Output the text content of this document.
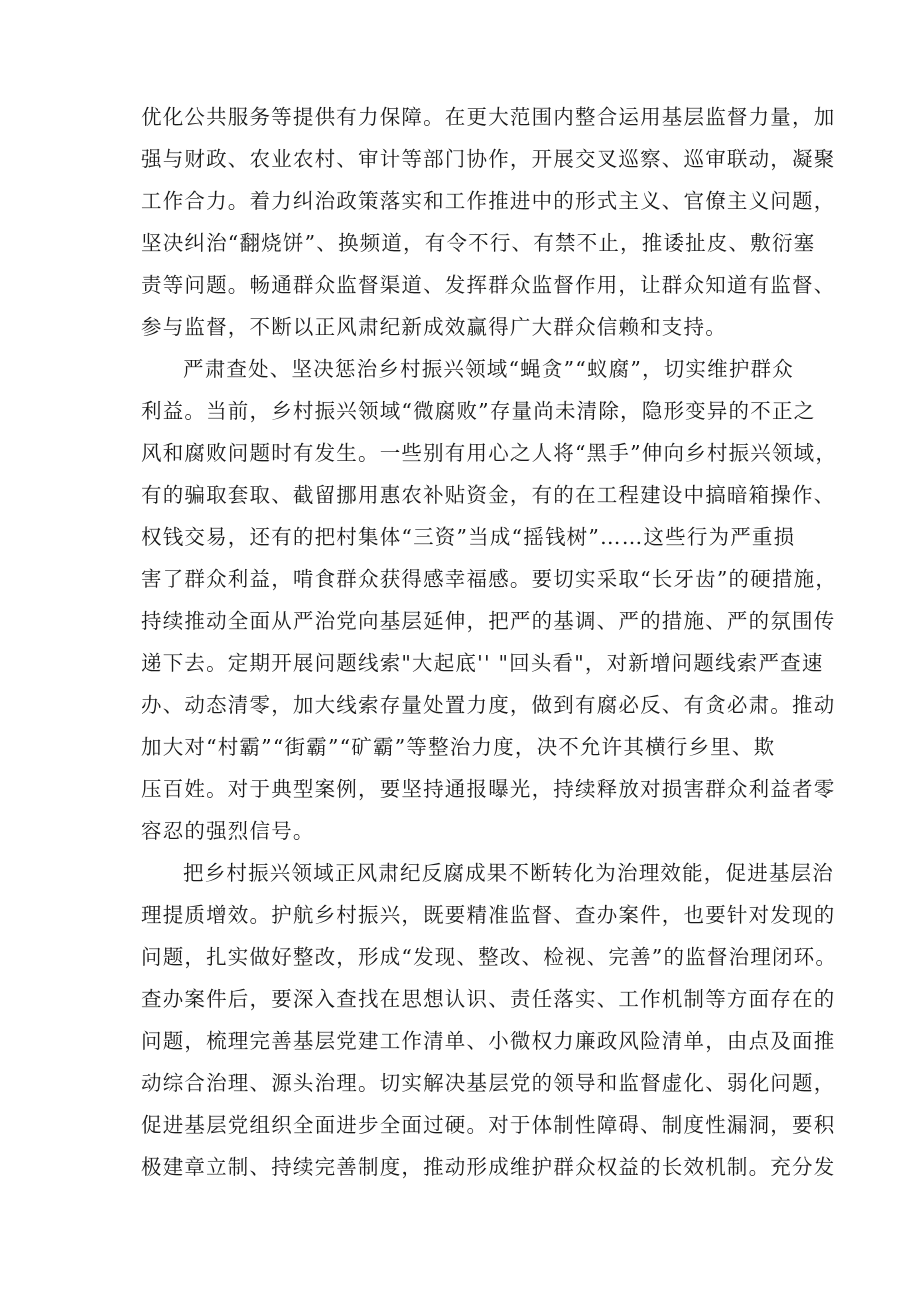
优化公共服务等提供有力保障。在更大范围内整合运用基层监督力量，加
强与财政、农业农村、审计等部门协作，开展交叉巡察、巡审联动，凝聚
工作合力。着力纠治政策落实和工作推进中的形式主义、官僚主义问题，
坚决纠治“翻烧饼”、换频道，有令不行、有禁不止，推诿扯皮、敷衍塞
责等问题。畅通群众监督渠道、发挥群众监督作用，让群众知道有监督、
参与监督，不断以正风肃纪新成效赢得广大群众信赖和支持。
严肃查处、坚决惩治乡村振兴领域“蝇贪”“蚁腐”，切实维护群众
利益。当前，乡村振兴领域“微腐败”存量尚未清除，隐形变异的不正之
风和腐败问题时有发生。一些别有用心之人将“黑手”伸向乡村振兴领域，
有的骗取套取、截留挪用惠农补贴资金，有的在工程建设中搞暗箱操作、
权钱交易，还有的把村集体“三资”当成“摇钱树”……这些行为严重损
害了群众利益，啃食群众获得感幸福感。要切实采取“长牙齿”的硬措施，
持续推动全面从严治党向基层延伸，把严的基调、严的措施、严的氛围传
递下去。定期开展问题线索"大起底'' "回头看"，对新增问题线索严查速
办、动态清零，加大线索存量处置力度，做到有腐必反、有贪必肃。推动
加大对“村霸”“街霸”“矿霸”等整治力度，决不允许其横行乡里、欺
压百姓。对于典型案例，要坚持通报曝光，持续释放对损害群众利益者零
容忍的强烈信号。
把乡村振兴领域正风肃纪反腐成果不断转化为治理效能，促进基层治
理提质增效。护航乡村振兴，既要精准监督、查办案件，也要针对发现的
问题，扎实做好整改，形成“发现、整改、检视、完善”的监督治理闭环。
查办案件后，要深入查找在思想认识、责任落实、工作机制等方面存在的
问题，梳理完善基层党建工作清单、小微权力廉政风险清单，由点及面推
动综合治理、源头治理。切实解决基层党的领导和监督虚化、弱化问题，
促进基层党组织全面进步全面过硬。对于体制性障碍、制度性漏洞，要积
极建章立制、持续完善制度，推动形成维护群众权益的长效机制。充分发
